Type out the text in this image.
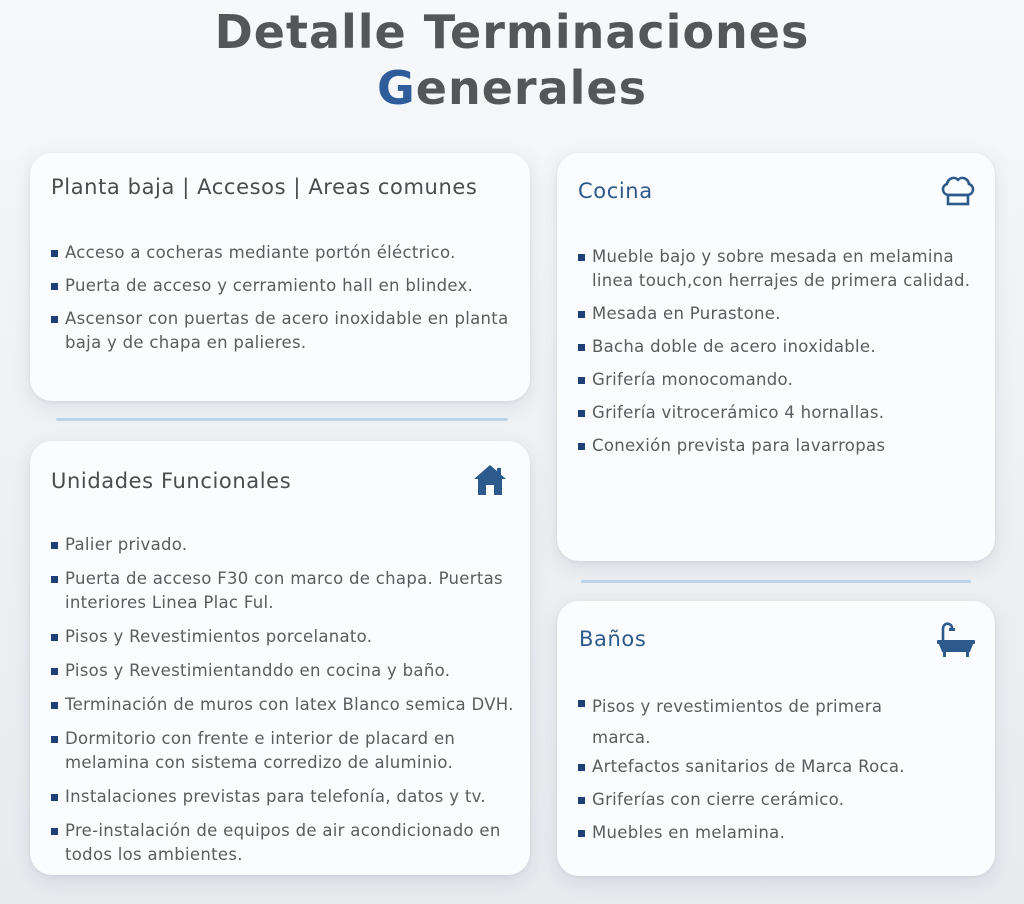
Detalle Terminaciones
Generales
Planta baja | Accesos | Areas comunes
Acceso a cocheras mediante portón éléctrico.
Puerta de acceso y cerramiento hall en blindex.
Ascensor con puertas de acero inoxidable en planta baja y de chapa en palieres.
Unidades Funcionales
Palier privado.
Puerta de acceso F30 con marco de chapa. Puertas interiores Linea Plac Ful.
Pisos y Revestimientos porcelanato.
Pisos y Revestimientanddo en cocina y baño.
Terminación de muros con latex Blanco semica DVH.
Dormitorio con frente e interior de placard en melamina con sistema corredizo de aluminio.
Instalaciones previstas para telefonía, datos y tv.
Pre-instalación de equipos de air acondicionado en todos los ambientes.
Cocina
Mueble bajo y sobre mesada en melamina linea touch,con herrajes de primera calidad.
Mesada en Purastone.
Bacha doble de acero inoxidable.
Grifería monocomando.
Grifería vitrocerámico 4 hornallas.
Conexión prevista para lavarropas
Baños
Pisos y revestimientos de primera marca.
Artefactos sanitarios de Marca Roca.
Griferías con cierre cerámico.
Muebles en melamina.
